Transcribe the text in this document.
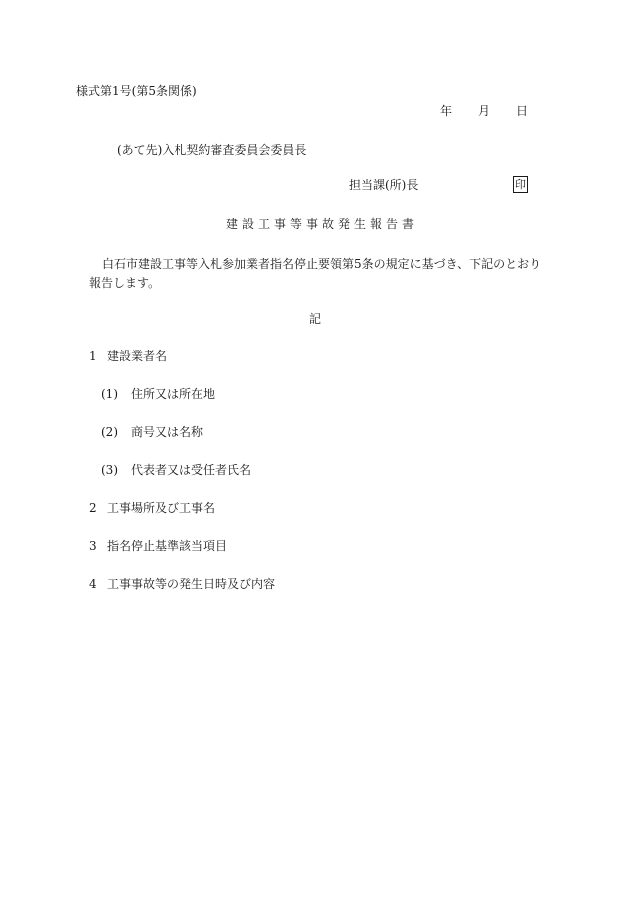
様式第1号(第5条関係)
年 月 日
(あて先)入札契約審査委員会委員長
担当課(所)長	印
建設工事等事故発生報告書
白石市建設工事等入札参加業者指名停止要領第5条の規定に基づき、下記のとおり報告します。
記
1 建設業者名
(1) 住所又は所在地
(2) 商号又は名称
(3) 代表者又は受任者氏名
2 工事場所及び工事名
3 指名停止基準該当項目
4 工事事故等の発生日時及び内容
